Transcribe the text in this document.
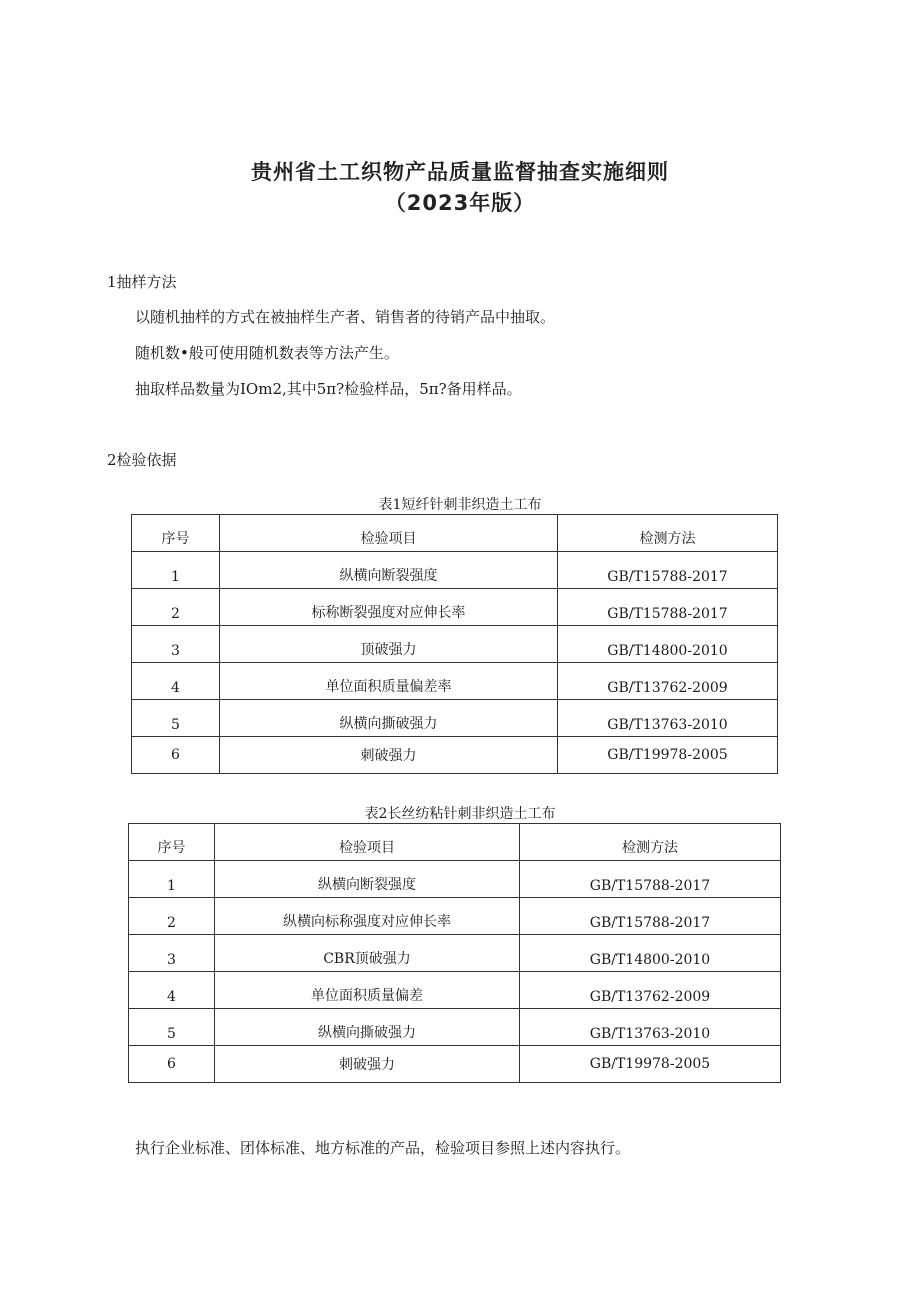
贵州省土工织物产品质量监督抽查实施细则
（2023年版）
1抽样方法
以随机抽样的方式在被抽样生产者、销售者的待销产品中抽取。
随机数•般可使用随机数表等方法产生。
抽取样品数量为IOm2,其中5π?检验样品，5π?备用样品。
2检验依据
表1短纤针刺非织造土工布
序号	检验项目	检测方法
1	纵横向断裂强度	GB/T15788-2017
2	标称断裂强度对应伸长率	GB/T15788-2017
3	顶破强力	GB/T14800-2010
4	单位面积质量偏差率	GB/T13762-2009
5	纵横向撕破强力	GB/T13763-2010
6	刺破强力	GB/T19978-2005
表2长丝纺粘针刺非织造土工布
序号	检验项目	检测方法
1	纵横向断裂强度	GB/T15788-2017
2	纵横向标称强度对应伸长率	GB/T15788-2017
3	CBR顶破强力	GB/T14800-2010
4	单位面积质量偏差	GB/T13762-2009
5	纵横向撕破强力	GB/T13763-2010
6	刺破强力	GB/T19978-2005
执行企业标准、团体标准、地方标准的产品，检验项目参照上述内容执行。
